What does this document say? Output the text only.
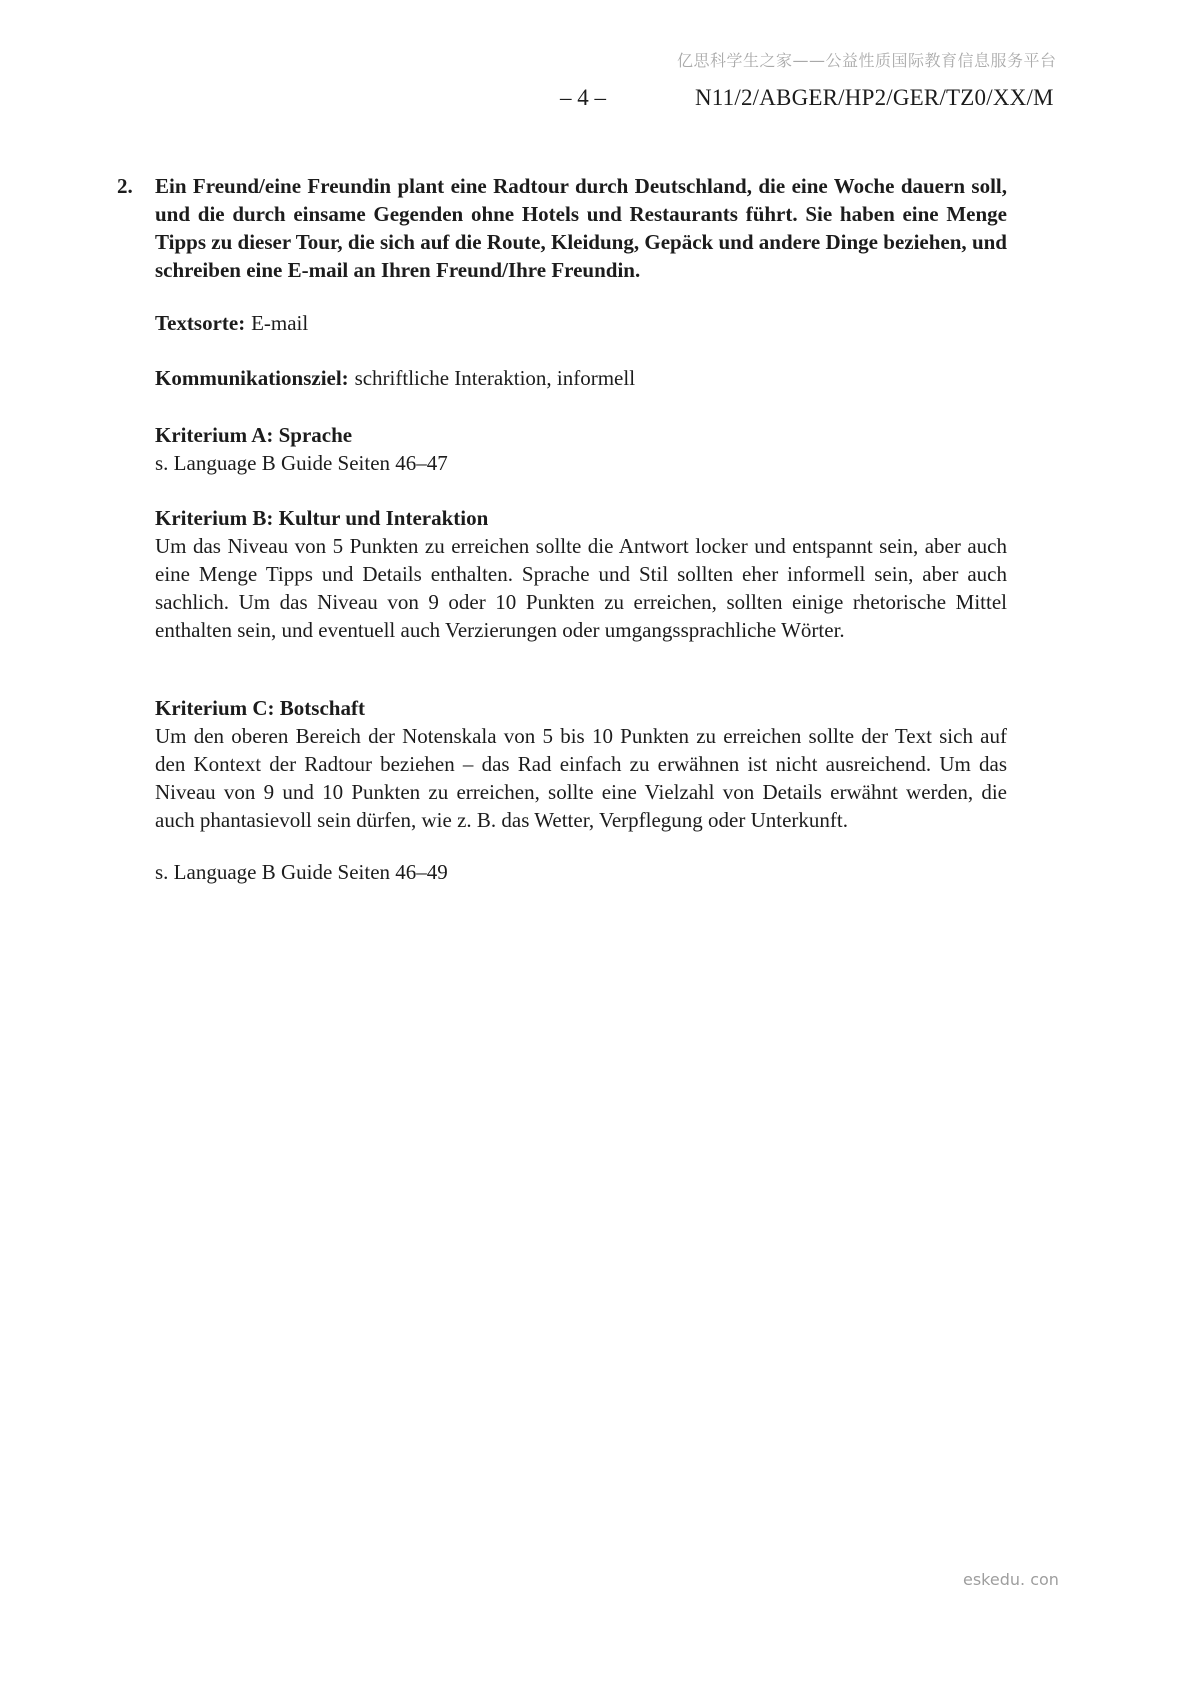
亿思科学生之家——公益性质国际教育信息服务平台
– 4 –	N11/2/ABGER/HP2/GER/TZ0/XX/M
2.	Ein Freund/eine Freundin plant eine Radtour durch Deutschland, die eine Woche dauern soll, und die durch einsame Gegenden ohne Hotels und Restaurants führt. Sie haben eine Menge Tipps zu dieser Tour, die sich auf die Route, Kleidung, Gepäck und andere Dinge beziehen, und schreiben eine E-mail an Ihren Freund/Ihre Freundin.
Textsorte: E-mail
Kommunikationsziel: schriftliche Interaktion, informell
Kriterium A: Sprache
s. Language B Guide Seiten 46–47
Kriterium B: Kultur und Interaktion
Um das Niveau von 5 Punkten zu erreichen sollte die Antwort locker und entspannt sein, aber auch eine Menge Tipps und Details enthalten. Sprache und Stil sollten eher informell sein, aber auch sachlich. Um das Niveau von 9 oder 10 Punkten zu erreichen, sollten einige rhetorische Mittel enthalten sein, und eventuell auch Verzierungen oder umgangssprachliche Wörter.
Kriterium C: Botschaft
Um den oberen Bereich der Notenskala von 5 bis 10 Punkten zu erreichen sollte der Text sich auf den Kontext der Radtour beziehen – das Rad einfach zu erwähnen ist nicht ausreichend. Um das Niveau von 9 und 10 Punkten zu erreichen, sollte eine Vielzahl von Details erwähnt werden, die auch phantasievoll sein dürfen, wie z. B. das Wetter, Verpflegung oder Unterkunft.
s. Language B Guide Seiten 46–49
eskedu. con
